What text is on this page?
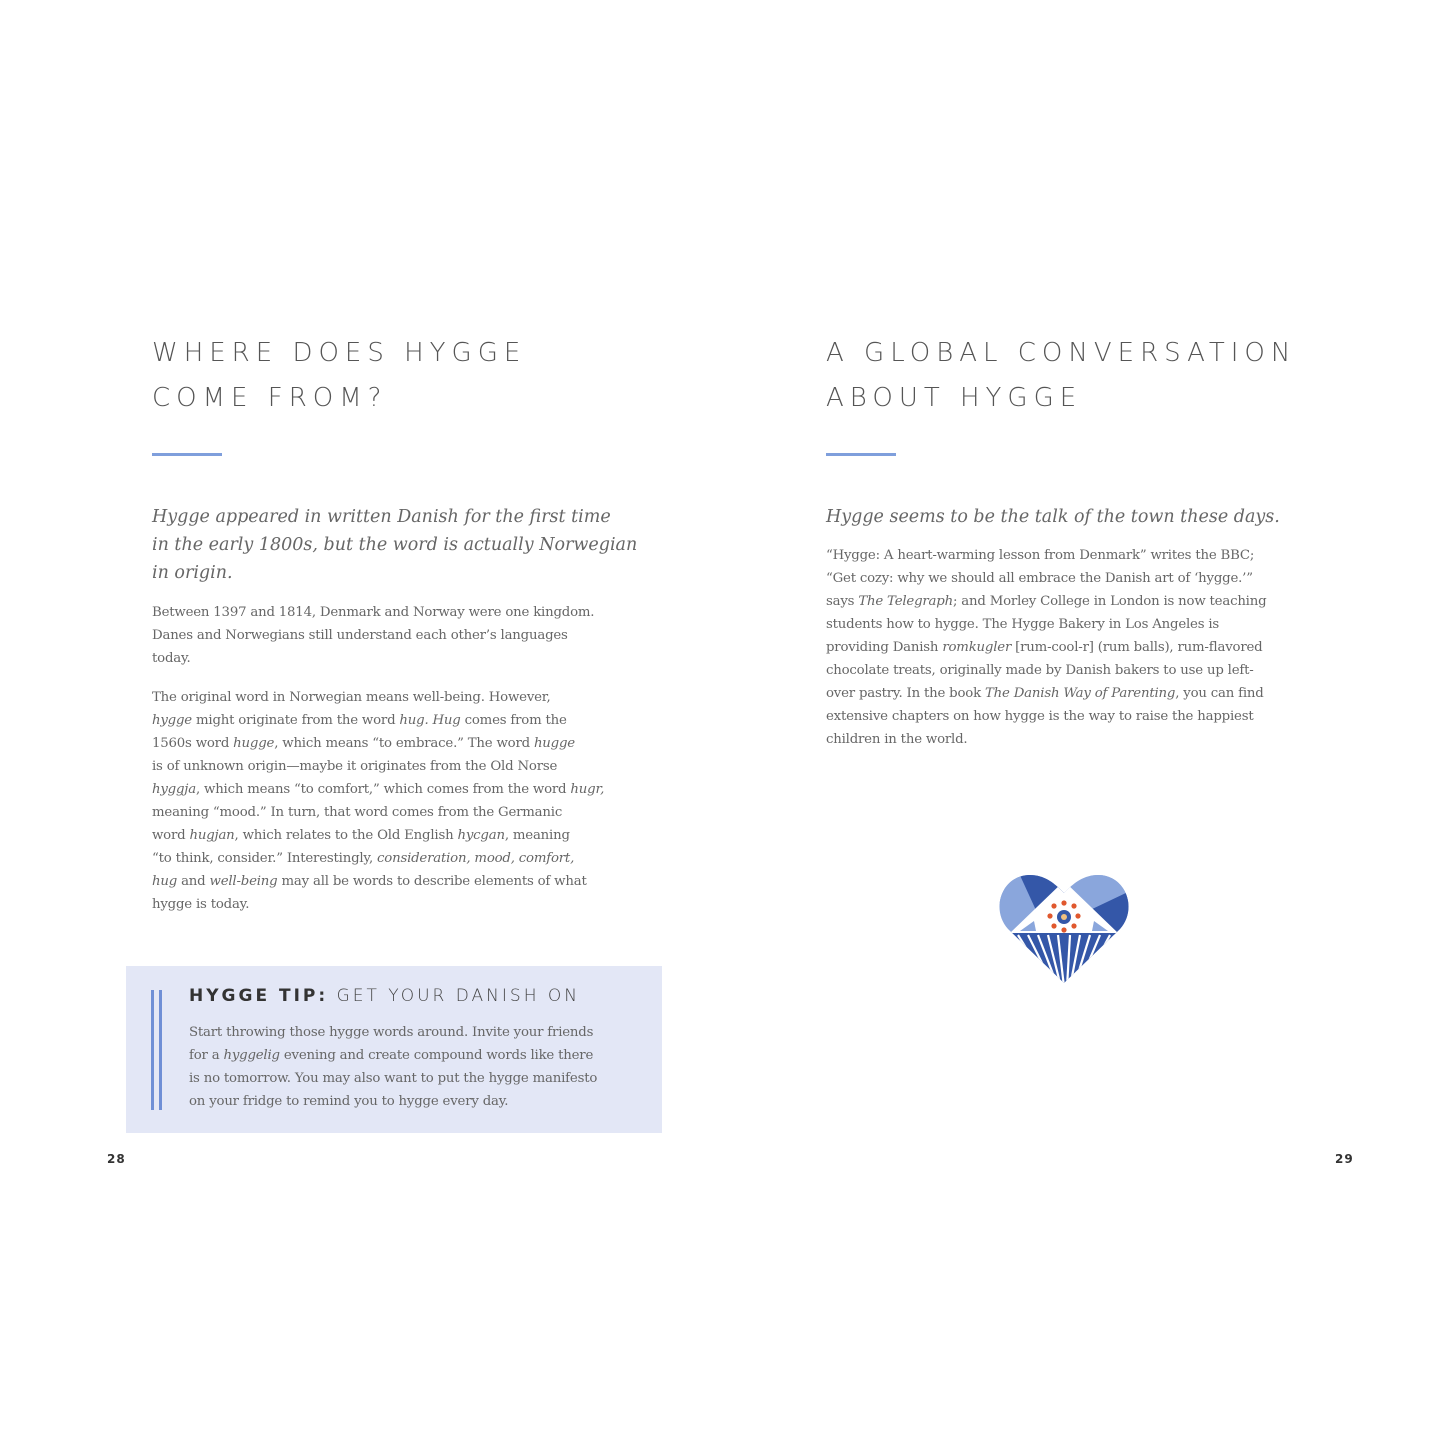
WHERE DOES HYGGE
COME FROM?
Hygge appeared in written Danish for the first time
in the early 1800s, but the word is actually Norwegian
in origin.
Between 1397 and 1814, Denmark and Norway were one kingdom.
Danes and Norwegians still understand each other’s languages
today.
The original word in Norwegian means well-being. However,
hygge might originate from the word hug. Hug comes from the
1560s word hugge, which means “to embrace.” The word hugge
is of unknown origin—maybe it originates from the Old Norse
hyggja, which means “to comfort,” which comes from the word hugr,
meaning “mood.” In turn, that word comes from the Germanic
word hugjan, which relates to the Old English hycgan, meaning
“to think, consider.” Interestingly, consideration, mood, comfort,
hug and well-being may all be words to describe elements of what
hygge is today.
HYGGE TIP: GET YOUR DANISH ON
Start throwing those hygge words around. Invite your friends
for a hyggelig evening and create compound words like there
is no tomorrow. You may also want to put the hygge manifesto
on your fridge to remind you to hygge every day.
28
A GLOBAL CONVERSATION
ABOUT HYGGE
Hygge seems to be the talk of the town these days.
“Hygge: A heart-warming lesson from Denmark” writes the BBC;
“Get cozy: why we should all embrace the Danish art of ‘hygge.’”
says The Telegraph; and Morley College in London is now teaching
students how to hygge. The Hygge Bakery in Los Angeles is
providing Danish romkugler [rum-cool-r] (rum balls), rum-flavored
chocolate treats, originally made by Danish bakers to use up left-
over pastry. In the book The Danish Way of Parenting, you can find
extensive chapters on how hygge is the way to raise the happiest
children in the world.
29
